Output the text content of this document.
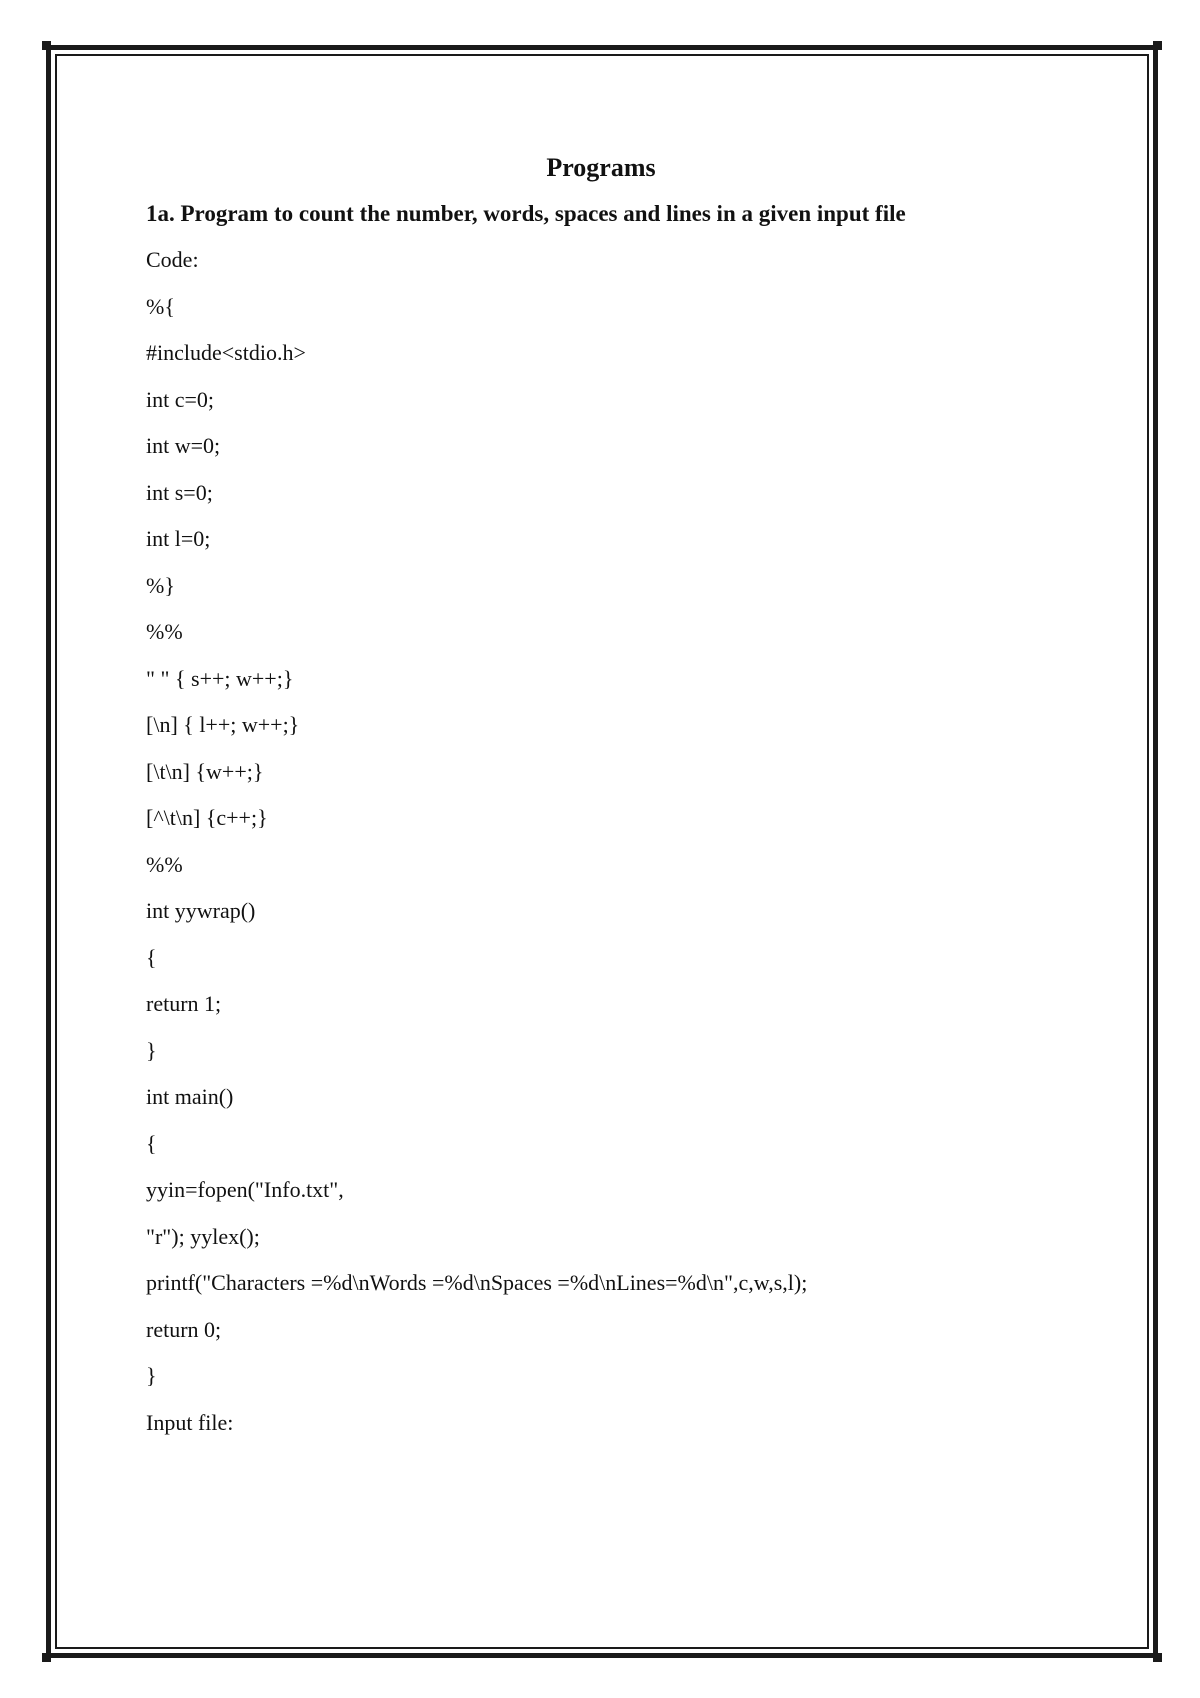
Programs
1a. Program to count the number, words, spaces and lines in a given input file
Code:
%{
#include<stdio.h>
int c=0;
int w=0;
int s=0;
int l=0;
%}
%%
" " { s++; w++;}
[\n] { l++; w++;}
[\t\n] {w++;}
[^\t\n] {c++;}
%%
int yywrap()
{
return 1;
}
int main()
{
yyin=fopen("Info.txt",
"r"); yylex();
printf("Characters =%d\nWords =%d\nSpaces =%d\nLines=%d\n",c,w,s,l);
return 0;
}
Input file:
